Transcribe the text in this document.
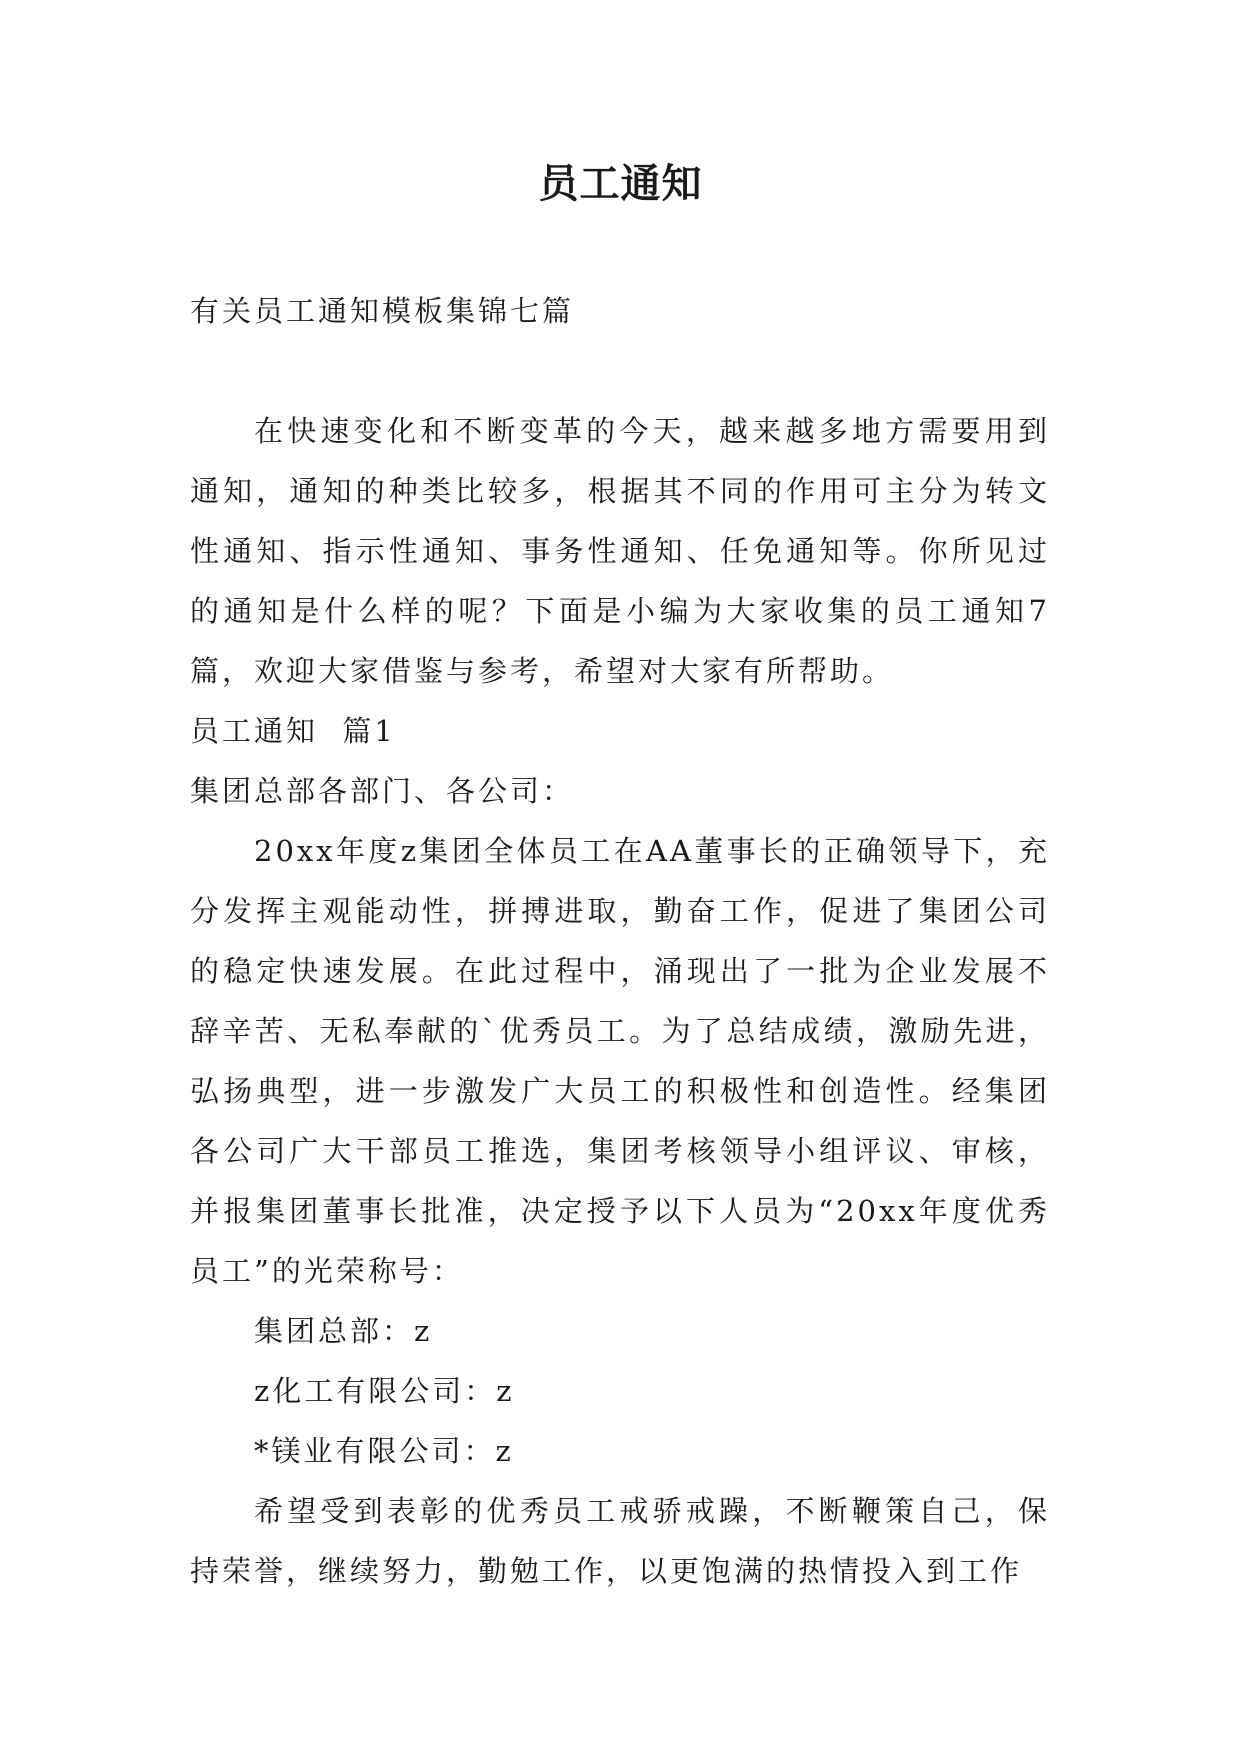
员工通知
有关员工通知模板集锦七篇

在快速变化和不断变革的今天，越来越多地方需要用到通知，通知的种类比较多，根据其不同的作用可主分为转文性通知、指示性通知、事务性通知、任免通知等。你所见过的通知是什么样的呢？下面是小编为大家收集的员工通知7篇，欢迎大家借鉴与参考，希望对大家有所帮助。

员工通知  篇1

集团总部各部门、各公司：

20xx年度z集团全体员工在AA董事长的正确领导下，充分发挥主观能动性，拼搏进取，勤奋工作，促进了集团公司的稳定快速发展。在此过程中，涌现出了一批为企业发展不辞辛苦、无私奉献的`优秀员工。为了总结成绩，激励先进，弘扬典型，进一步激发广大员工的积极性和创造性。经集团各公司广大干部员工推选，集团考核领导小组评议、审核，并报集团董事长批准，决定授予以下人员为“20xx年度优秀员工”的光荣称号：

集团总部：z

z化工有限公司：z

*镁业有限公司：z

希望受到表彰的优秀员工戒骄戒躁，不断鞭策自己，保持荣誉，继续努力，勤勉工作，以更饱满的热情投入到工作
